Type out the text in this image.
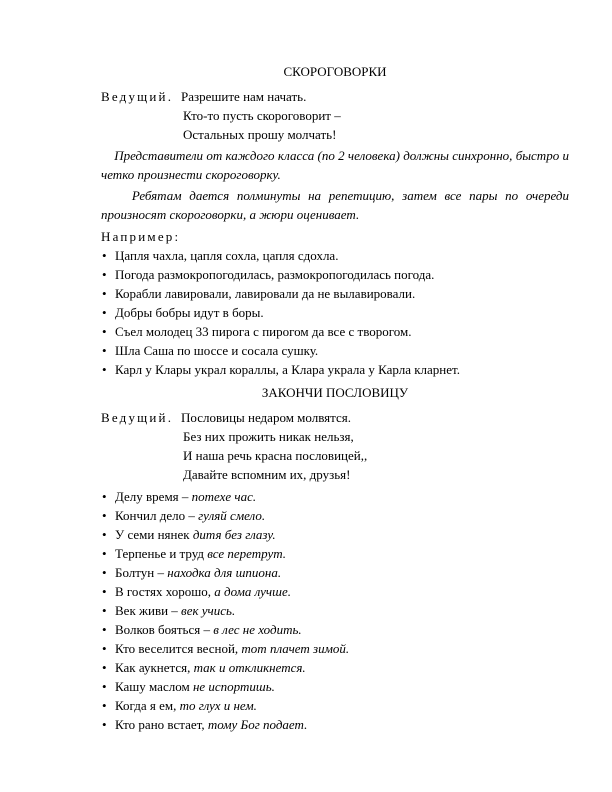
СКОРОГОВОРКИ
Ведущий. Разрешите нам начать.
Кто-то пусть скороговорит –
Остальных прошу молчать!

Представители от каждого класса (по 2 человека) должны синхронно, быстро и четко произнести скороговорку.

Ребятам дается полминуты на репетицию, затем все пары по очереди произносят скороговорки, а жюри оценивает.

Например:
• Цапля чахла, цапля сохла, цапля сдохла.
• Погода размокропогодилась, размокропогодилась погода.
• Корабли лавировали, лавировали да не вылавировали.
• Добры бобры идут в боры.
• Съел молодец 33 пирога с пирогом да все с творогом.
• Шла Саша по шоссе и сосала сушку.
• Карл у Клары украл кораллы, а Клара украла у Карла кларнет.
ЗАКОНЧИ ПОСЛОВИЦУ
Ведущий. Пословицы недаром молвятся.
Без них прожить никак нельзя,
И наша речь красна пословицей,,
Давайте вспомним их, друзья!
• Делу время – потехе час.
• Кончил дело – гуляй смело.
• У семи нянек дитя без глазу.
• Терпенье и труд все перетрут.
• Болтун – находка для шпиона.
• В гостях хорошо, а дома лучше.
• Век живи – век учись.
• Волков бояться – в лес не ходить.
• Кто веселится весной, тот плачет зимой.
• Как аукнется, так и откликнется.
• Кашу маслом не испортишь.
• Когда я ем, то глух и нем.
• Кто рано встает, тому Бог подает.
